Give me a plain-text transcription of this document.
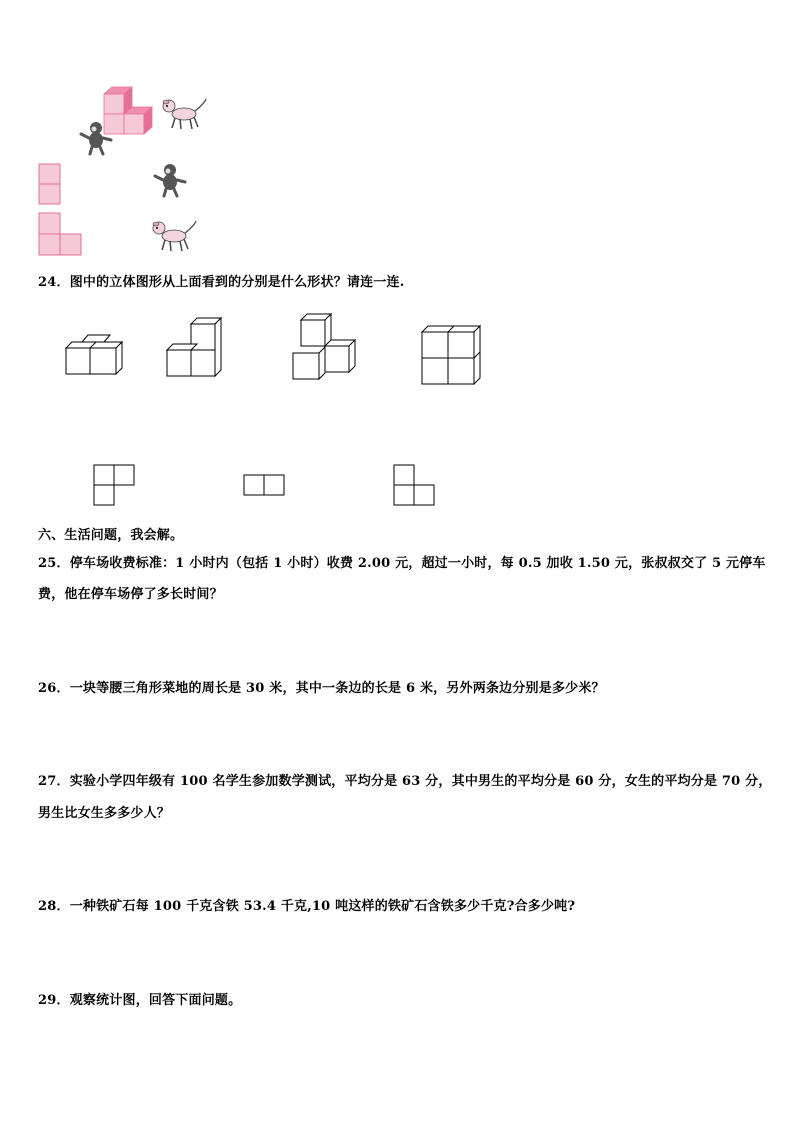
24．图中的立体图形从上面看到的分别是什么形状？请连一连.
六、生活问题，我会解。
25．停车场收费标准：1 小时内（包括 1 小时）收费 2.00 元，超过一小时，每 0.5 加收 1.50 元，张叔叔交了 5 元停车
费，他在停车场停了多长时间？
26．一块等腰三角形菜地的周长是 30 米，其中一条边的长是 6 米，另外两条边分别是多少米？
27．实验小学四年级有 100 名学生参加数学测试，平均分是 63 分，其中男生的平均分是 60 分，女生的平均分是 70 分，
男生比女生多多少人？
28．一种铁矿石每 100 千克含铁 53.4 千克,10 吨这样的铁矿石含铁多少千克?合多少吨?
29．观察统计图，回答下面问题。
